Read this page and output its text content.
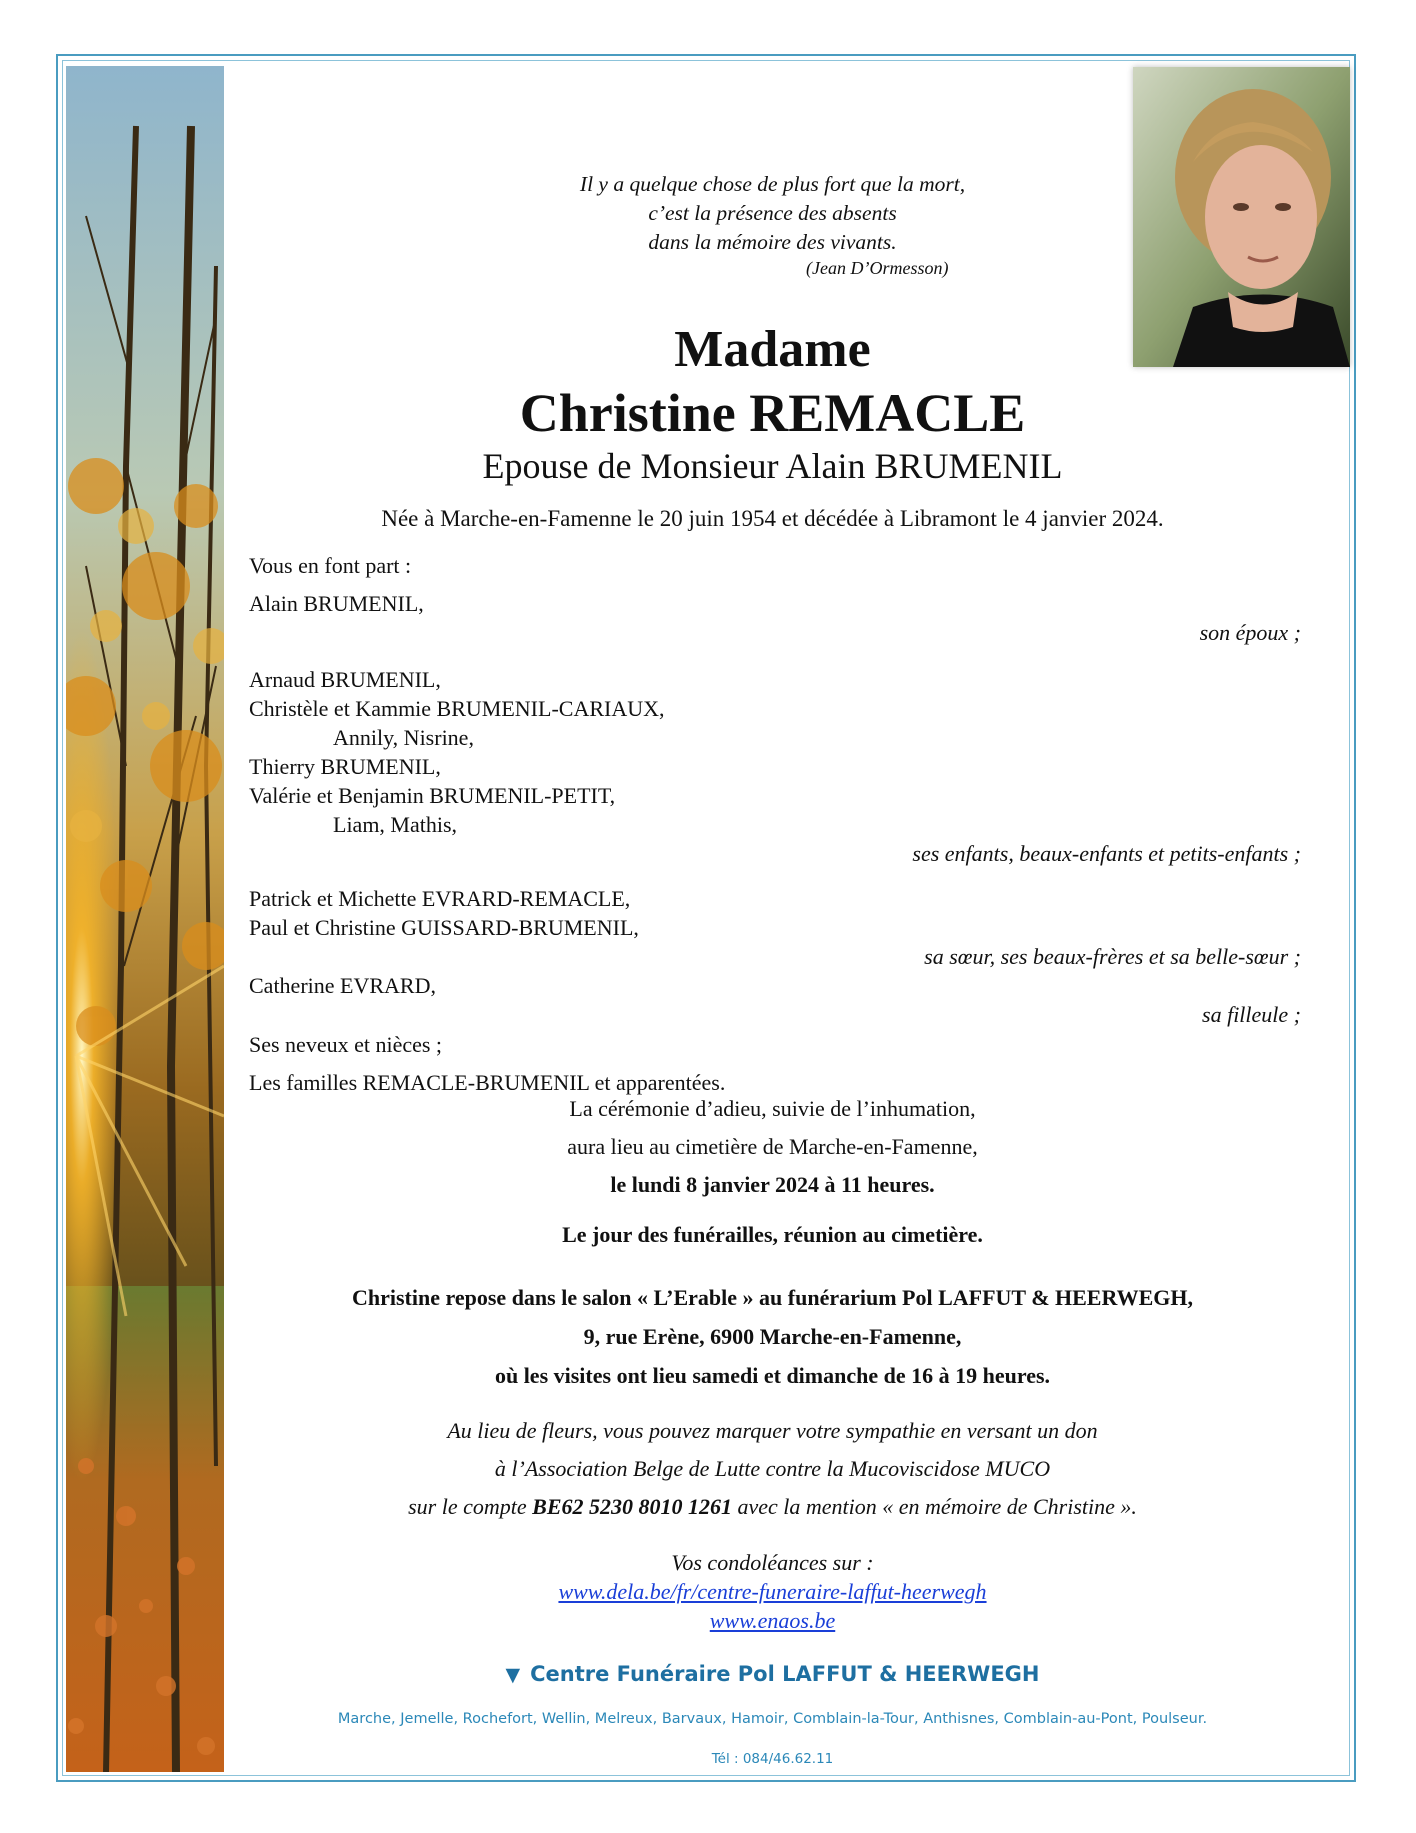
Il y a quelque chose de plus fort que la mort,
c’est la présence des absents
dans la mémoire des vivants.
(Jean D’Ormesson)
Madame
Christine REMACLE
Epouse de Monsieur Alain BRUMENIL
Née à Marche-en-Famenne le 20 juin 1954 et décédée à Libramont le 4 janvier 2024.
Vous en font part :
Alain BRUMENIL,
son époux ;
Arnaud BRUMENIL,
Christèle et Kammie BRUMENIL-CARIAUX,
Annily, Nisrine,
Thierry BRUMENIL,
Valérie et Benjamin BRUMENIL-PETIT,
Liam, Mathis,
ses enfants, beaux-enfants et petits-enfants ;
Patrick et Michette EVRARD-REMACLE,
Paul et Christine GUISSARD-BRUMENIL,
sa sœur, ses beaux-frères et sa belle-sœur ;
Catherine EVRARD,
sa filleule ;
Ses neveux et nièces ;
Les familles REMACLE-BRUMENIL et apparentées.
La cérémonie d’adieu, suivie de l’inhumation,
aura lieu au cimetière de Marche-en-Famenne,
le lundi 8 janvier 2024 à 11 heures.
Le jour des funérailles, réunion au cimetière.
Christine repose dans le salon « L’Erable » au funérarium Pol LAFFUT & HEERWEGH,
9, rue Erène, 6900 Marche-en-Famenne,
où les visites ont lieu samedi et dimanche de 16 à 19 heures.
Au lieu de fleurs, vous pouvez marquer votre sympathie en versant un don
à l’Association Belge de Lutte contre la Mucoviscidose MUCO
sur le compte BE62 5230 8010 1261 avec la mention « en mémoire de Christine ».
Vos condoléances sur :
www.dela.be/fr/centre-funeraire-laffut-heerwegh
www.enaos.be
▼ Centre Funéraire Pol LAFFUT & HEERWEGH
Marche, Jemelle, Rochefort, Wellin, Melreux, Barvaux, Hamoir, Comblain-la-Tour, Anthisnes, Comblain-au-Pont, Poulseur.
Tél : 084/46.62.11
